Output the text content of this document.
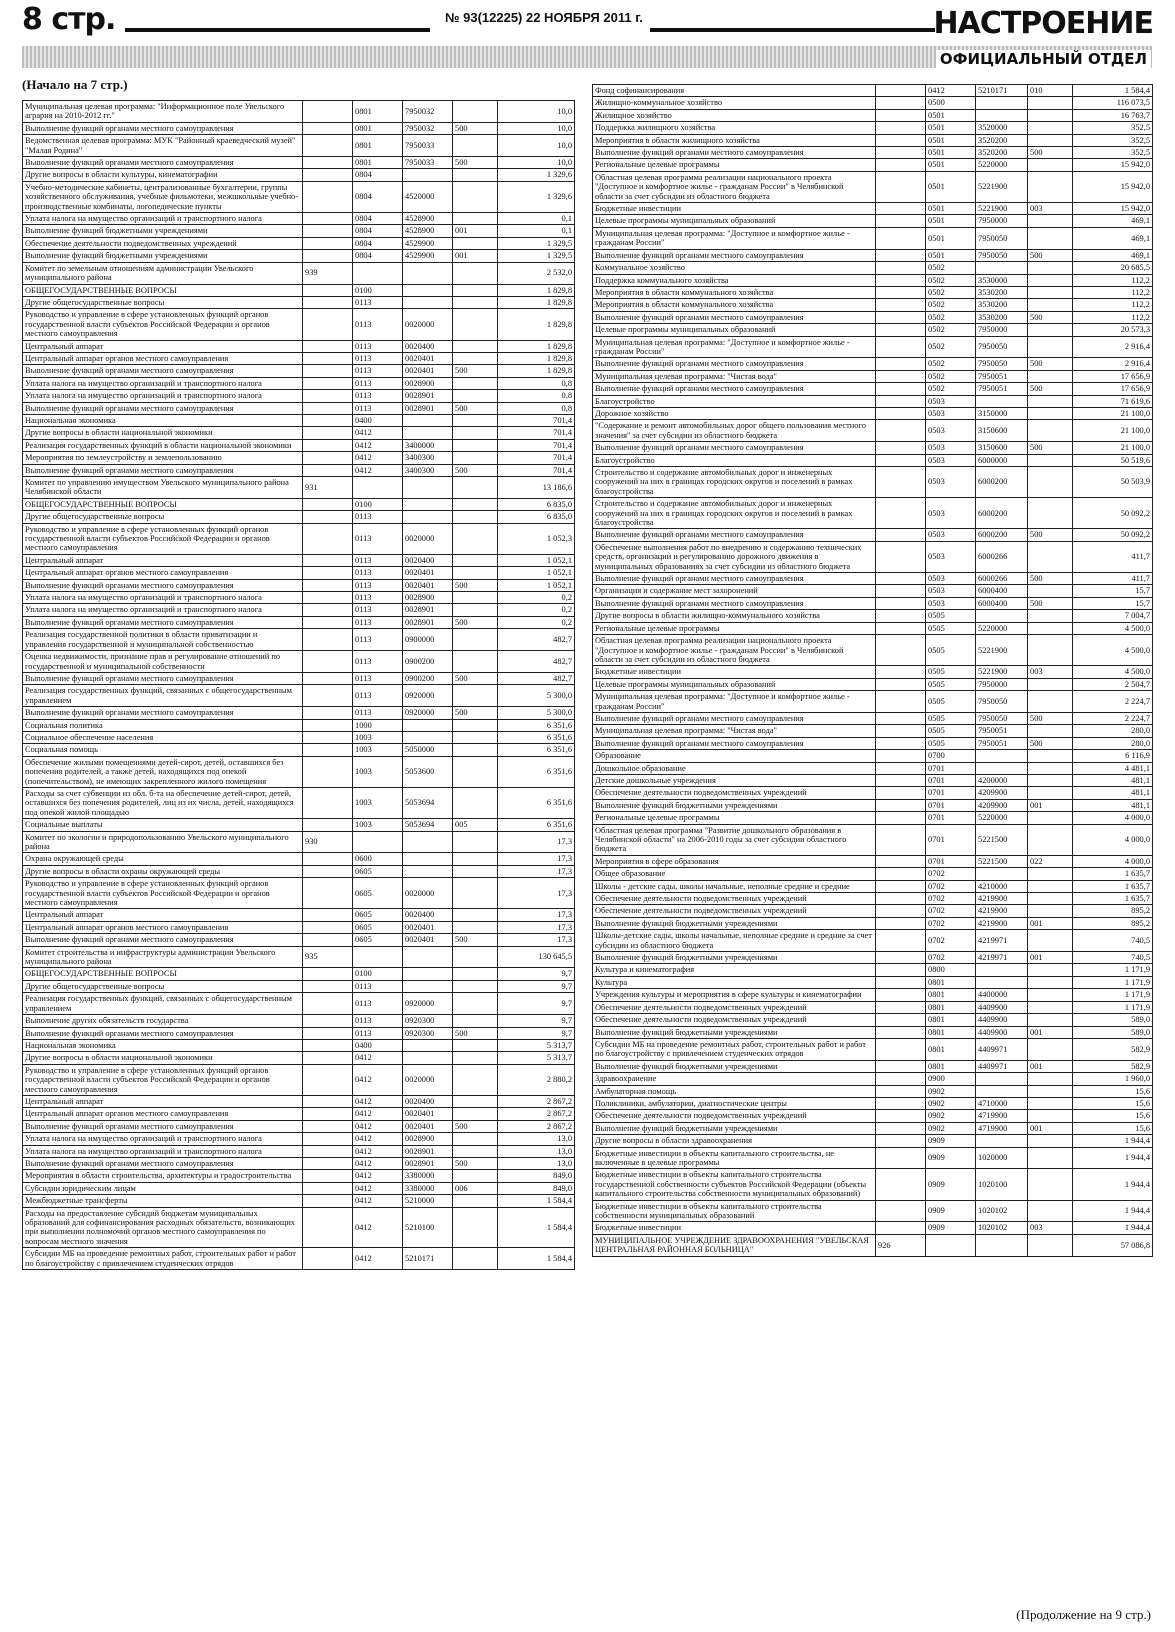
8 стр.	№ 93(12225) 22 НОЯБРЯ 2011 г.	НАСТРОЕНИЕ
ОФИЦИАЛЬНЫЙ ОТДЕЛ
(Начало на 7 стр.)
Муниципальная целевая программа: "Информационное поле Увельского аграрня на 2010-2012 гг."		0801	7950032		10,0
Выполнение функций органами местного самоуправления		0801	7950032	500	10,0
Ведомственная целевая программа: МУК "Районный краеведческий музей" "Малая Родина"		0801	7950033		10,0
Выполнение функций органами местного самоуправления		0801	7950033	500	10,0
Другие вопросы в области культуры, кинематографии		0804			1 329,6
Учебно-методические кабинеты, централизованные бухгалтерии, группы хозяйственного обслуживания, учебные фильмотеки, межшкольные учебно-производственные комбинаты, логопедические пункты		0804	4520000		1 329,6
Уплата налога на имущество организаций и транспортного налога		0804	4528900		0,1
Выполнение функций бюджетными учреждениями		0804	4528900	001	0,1
Обеспечение деятельности подведомственных учреждений		0804	4529900		1 329,5
Выполнение функций бюджетными учреждениями		0804	4529900	001	1 329,5
Комитет по земельным отношениям администрации Увельского муниципального района	939				2 532,0
ОБЩЕГОСУДАРСТВЕННЫЕ ВОПРОСЫ		0100			1 829,8
Другие общегосударственные вопросы		0113			1 829,8
Руководство и управление в сфере установленных функций органов государственной власти субъектов Российской Федерации и органов местного самоуправления		0113	0020000		1 829,8
Центральный аппарат		0113	0020400		1 829,8
Центральный аппарат органов местного самоуправления		0113	0020401		1 829,8
Выполнение функций органами местного самоуправления		0113	0020401	500	1 829,8
Уплата налога на имущество организаций и транспортного налога		0113	0028900		0,8
Уплата налога на имущество организаций и транспортного налога		0113	0028901		0,8
Выполнение функций органами местного самоуправления		0113	0028901	500	0,8
Национальная экономика		0400			701,4
Другие вопросы в области национальной экономики		0412			701,4
Реализация государственных функций в области национальной экономики		0412	3400000		701,4
Мероприятия по землеустройству и землепользованию		0412	3400300		701,4
Выполнение функций органами местного самоуправления		0412	3400300	500	701,4
Комитет по управлению имуществом Увельского муниципального района Челябинской области	931				13 186,6
ОБЩЕГОСУДАРСТВЕННЫЕ ВОПРОСЫ		0100			6 835,0
Другие общегосударственные вопросы		0113			6 835,0
Руководство и управление в сфере установленных функций органов государственной власти субъектов Российской Федерации и органов местного самоуправления		0113	0020000		1 052,3
Центральный аппарат		0113	0020400		1 052,1
Центральный аппарат органов местного самоуправления		0113	0020401		1 052,1
Выполнение функций органами местного самоуправления		0113	0020401	500	1 052,1
Уплата налога на имущество организаций и транспортного налога		0113	0028900		0,2
Уплата налога на имущество организаций и транспортного налога		0113	0028901		0,2
Выполнение функций органами местного самоуправления		0113	0028901	500	0,2
Реализация государственной политики в области приватизации и управления государственной и муниципальной собственностью		0113	0900000		482,7
Оценка недвижимости, признание прав и регулирование отношений по государственной и муниципальной собственности		0113	0900200		482,7
Выполнение функций органами местного самоуправления		0113	0900200	500	482,7
Реализация государственных функций, связанных с общегосударственным управлением		0113	0920000		5 300,0
Выполнение функций органами местного самоуправления		0113	0920000	500	5 300,0
Социальная политика		1000			6 351,6
Социальное обеспечение населения		1003			6 351,6
Социальная помощь		1003	5050000		6 351,6
Обеспечение жилыми помещениями детей-сирот, детей, оставшихся без попечения родителей, а также детей, находящихся под опекой (попечительством), не имеющих закрепленного жилого помещения		1003	5053600		6 351,6
Расходы за счет субвенции из обл. б-та на обеспечение детей-сирот, детей, оставшихся без попечения родителей, лиц из их числа, детей, находящихся под опекой жилой площадью		1003	5053694		6 351,6
Социальные выплаты		1003	5053694	005	6 351,6
Комитет по экологии и природопользованию Увельского муниципального района	930				17,3
Охрана окружающей среды		0600			17,3
Другие вопросы в области охраны окружающей среды		0605			17,3
Руководство и управление в сфере установленных функций органов государственной власти субъектов Российской Федерации и органов местного самоуправления		0605	0020000		17,3
Центральный аппарат		0605	0020400		17,3
Центральный аппарат органов местного самоуправления		0605	0020401		17,3
Выполнение функций органами местного самоуправления		0605	0020401	500	17,3
Комитет строительства и инфраструктуры администрации Увельского муниципального района	935				130 645,5
ОБЩЕГОСУДАРСТВЕННЫЕ ВОПРОСЫ		0100			9,7
Другие общегосударственные вопросы		0113			9,7
Реализация государственных функций, связанных с общегосударственным управлением		0113	0920000		9,7
Выполнение других обязательств государства		0113	0920300		9,7
Выполнение функций органами местного самоуправления		0113	0920300	500	9,7
Национальная экономика		0400			5 313,7
Другие вопросы в области национальной экономики		0412			5 313,7
Руководство и управление в сфере установленных функций органов государственной власти субъектов Российской Федерации и органов местного самоуправления		0412	0020000		2 880,2
Центральный аппарат		0412	0020400		2 867,2
Центральный аппарат органов местного самоуправления		0412	0020401		2 867,2
Выполнение функций органами местного самоуправления		0412	0020401	500	2 867,2
Уплата налога на имущество организаций и транспортного налога		0412	0028900		13,0
Уплата налога на имущество организаций и транспортного налога		0412	0028901		13,0
Выполнение функций органами местного самоуправления		0412	0028901	500	13,0
Мероприятия в области строительства, архитектуры и градостроительства		0412	3380000		849,0
Субсидии юридическим лицам		0412	3380000	006	849,0
Межбюджетные трансферты		0412	5210000		1 584,4
Расходы на предоставление субсидий бюджетам муниципальных образований для софинансирования расходных обязательств, возникающих при выполнении полномочий органов местного самоуправления по вопросам местного значения		0412	5210100		1 584,4
Субсидии МБ на проведение ремонтных работ, строительных работ и работ по благоустройству с привлечением студенческих отрядов		0412	5210171		1 584,4
Фонд софинансирования		0412	5210171	010	1 584,4
Жилищно-коммунальное хозяйство		0500			116 073,5
Жилищное хозяйство		0501			16 763,7
Поддержка жилищного хозяйства		0501	3520000		352,5
Мероприятия в области жилищного хозяйства		0501	3520200		352,5
Выполнение функций органами местного самоуправления		0501	3520200	500	352,5
Региональные целевые программы		0501	5220000		15 942,0
Областная целевая программа реализации национального проекта "Доступное и комфортное жилье - гражданам России" в Челябинской области за счет субсидии из областного бюджета		0501	5221900		15 942,0
Бюджетные инвестиции		0501	5221900	003	15 942,0
Целевые программы муниципальных образований		0501	7950000		469,1
Муниципальная целевая программа: "Доступное и комфортное жилье - гражданам России"		0501	7950050		469,1
Выполнение функций органами местного самоуправления		0501	7950050	500	469,1
Коммунальное хозяйство		0502			20 685,5
Поддержка коммунального хозяйства		0502	3530000		112,2
Мероприятия в области коммунального хозяйства		0502	3530200		112,2
Мероприятия в области коммунального хозяйства		0502	3530200		112,2
Выполнение функций органами местного самоуправления		0502	3530200	500	112,2
Целевые программы муниципальных образований		0502	7950000		20 573,3
Муниципальная целевая программа: "Доступное и комфортное жилье - гражданам России"		0502	7950050		2 916,4
Выполнение функций органами местного самоуправления		0502	7950050	500	2 916,4
Муниципальная целевая программа: "Чистая вода"		0502	7950051		17 656,9
Выполнение функций органами местного самоуправления		0502	7950051	500	17 656,9
Благоустройство		0503			71 619,6
Дорожное хозяйство		0503	3150000		21 100,0
"Содержание и ремонт автомобильных дорог общего пользования местного значения" за счет субсидии из областного бюджета		0503	3150600		21 100,0
Выполнение функций органами местного самоуправления		0503	3150600	500	21 100,0
Благоустройство		0503	6000000		50 519,6
Строительство и содержание автомобильных дорог и инженерных сооружений на них в границах городских округов и поселений в рамках благоустройства		0503	6000200		50 503,9
Строительство и содержание автомобильных дорог и инженерных сооружений на них в границах городских округов и поселений в рамках благоустройства		0503	6000200		50 092,2
Выполнение функций органами местного самоуправления		0503	6000200	500	50 092,2
Обеспечение выполнения работ по внедрению и содержанию технических средств, организации и регулированию дорожного движения в муниципальных образованиях за счет субсидии из областного бюджета		0503	6000266		411,7
Выполнение функций органами местного самоуправления		0503	6000266	500	411,7
Организация и содержание мест захоронений		0503	6000400		15,7
Выполнение функций органами местного самоуправления		0503	6000400	500	15,7
Другие вопросы в области жилищно-коммунального хозяйства		0505			7 004,7
Региональные целевые программы		0505	5220000		4 500,0
Областная целевая программа реализации национального проекта "Доступное и комфортное жилье - гражданам России" в Челябинской области за счет субсидии из областного бюджета		0505	5221900		4 500,0
Бюджетные инвестиции		0505	5221900	003	4 500,0
Целевые программы муниципальных образований		0505	7950000		2 504,7
Муниципальная целевая программа: "Доступное и комфортное жилье - гражданам России"		0505	7950050		2 224,7
Выполнение функций органами местного самоуправления		0505	7950050	500	2 224,7
Муниципальная целевая программа: "Чистая вода"		0505	7950051		280,0
Выполнение функций органами местного самоуправления		0505	7950051	500	280,0
Образование		0700			6 116,9
Дошкольное образование		0701			4 481,1
Детские дошкольные учреждения		0701	4200000		481,1
Обеспечение деятельности подведомственных учреждений		0701	4209900		481,1
Выполнение функций бюджетными учреждениями		0701	4209900	001	481,1
Региональные целевые программы		0701	5220000		4 000,0
Областная целевая программа "Развитие дошкольного образования в Челябинской области" на 2006-2010 годы за счет субсидии областного бюджета		0701	5221500		4 000,0
Мероприятия в сфере образования		0701	5221500	022	4 000,0
Общее образование		0702			1 635,7
Школы - детские сады, школы начальные, неполные средние и средние		0702	4210000		1 635,7
Обеспечение деятельности подведомственных учреждений		0702	4219900		1 635,7
Обеспечение деятельности подведомственных учреждений		0702	4219900		895,2
Выполнение функций бюджетными учреждениями		0702	4219900	001	895,2
Школы-детские сады, школы начальные, неполные средние и средние за счет субсидии из областного бюджета		0702	4219971		740,5
Выполнение функций бюджетными учреждениями		0702	4219971	001	740,5
Культура и кинематография		0800			1 171,9
Культура		0801			1 171,9
Учреждения культуры и мероприятия в сфере культуры и кинематографии		0801	4400000		1 171,9
Обеспечение деятельности подведомственных учреждений		0801	4409900		1 171,9
Обеспечение деятельности подведомственных учреждений		0801	4409900		589,0
Выполнение функций бюджетными учреждениями		0801	4409900	001	589,0
Субсидии МБ на проведение ремонтных работ, строительных работ и работ по благоустройству с привлечением студенческих отрядов		0801	4409971		582,9
Выполнение функций бюджетными учреждениями		0801	4409971	001	582,9
Здравоохранение		0900			1 960,0
Амбулаторная помощь		0902			15,6
Поликлиники, амбулатории, диагностические центры		0902	4710000		15,6
Обеспечение деятельности подведомственных учреждений		0902	4719900		15,6
Выполнение функций бюджетными учреждениями		0902	4719900	001	15,6
Другие вопросы в области здравоохранения		0909			1 944,4
Бюджетные инвестиции в объекты капитального строительства, не включенные в целевые программы		0909	1020000		1 944,4
Бюджетные инвестиции в объекты капитального строительства государственной собственности субъектов Российской Федерации (объекты капитального строительства собственности муниципальных образований)		0909	1020100		1 944,4
Бюджетные инвестиции в объекты капитального строительства собственности муниципальных образований		0909	1020102		1 944,4
Бюджетные инвестиции		0909	1020102	003	1 944,4
МУНИЦИПАЛЬНОЕ УЧРЕЖДЕНИЕ ЗДРАВООХРАНЕНИЯ "УВЕЛЬСКАЯ ЦЕНТРАЛЬНАЯ РАЙОННАЯ БОЛЬНИЦА"	926				57 086,8
(Продолжение на 9 стр.)
